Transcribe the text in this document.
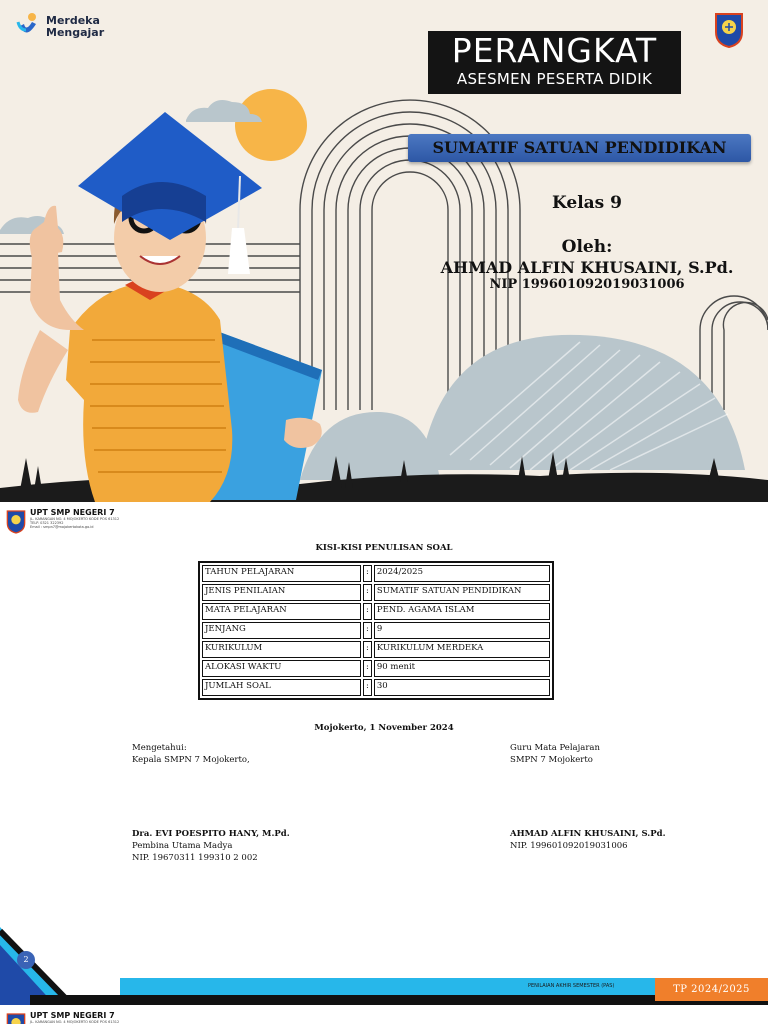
Merdeka
Mengajar	PERANGKAT
ASESMEN PESERTA DIDIK
SUMATIF SATUAN PENDIDIKAN
Kelas 9
Oleh:
AHMAD ALFIN KHUSAINI, S.Pd.
NIP 199601092019031006
UPT SMP NEGERI 7
JL. KARANGAN NO. 4 MOJOKERTO KODE POS 61312
TELP. 0321 322392
Email : smpn7@mojokertokota.go.id
KISI-KISI PENULISAN SOAL
TAHUN PELAJARAN	:	2024/2025
JENIS PENILAIAN	:	SUMATIF SATUAN PENDIDIKAN
MATA PELAJARAN	:	PEND. AGAMA ISLAM
JENJANG	:	9
KURIKULUM	:	KURIKULUM MERDEKA
ALOKASI WAKTU	:	90 menit
JUMLAH SOAL	:	30
Mojokerto, 1 November 2024
Mengetahui:
Kepala SMPN 7 Mojokerto,
Dra. EVI POESPITO HANY, M.Pd.
Pembina Utama Madya
NIP. 19670311 199310 2 002
Guru Mata Pelajaran
SMPN 7 Mojokerto
AHMAD ALFIN KHUSAINI, S.Pd.
NIP. 199601092019031006
2
PENILAIAN AKHIR SEMESTER (PAS)	TP 2024/2025
UPT SMP NEGERI 7
JL. KARANGAN NO. 4 MOJOKERTO KODE POS 61312
